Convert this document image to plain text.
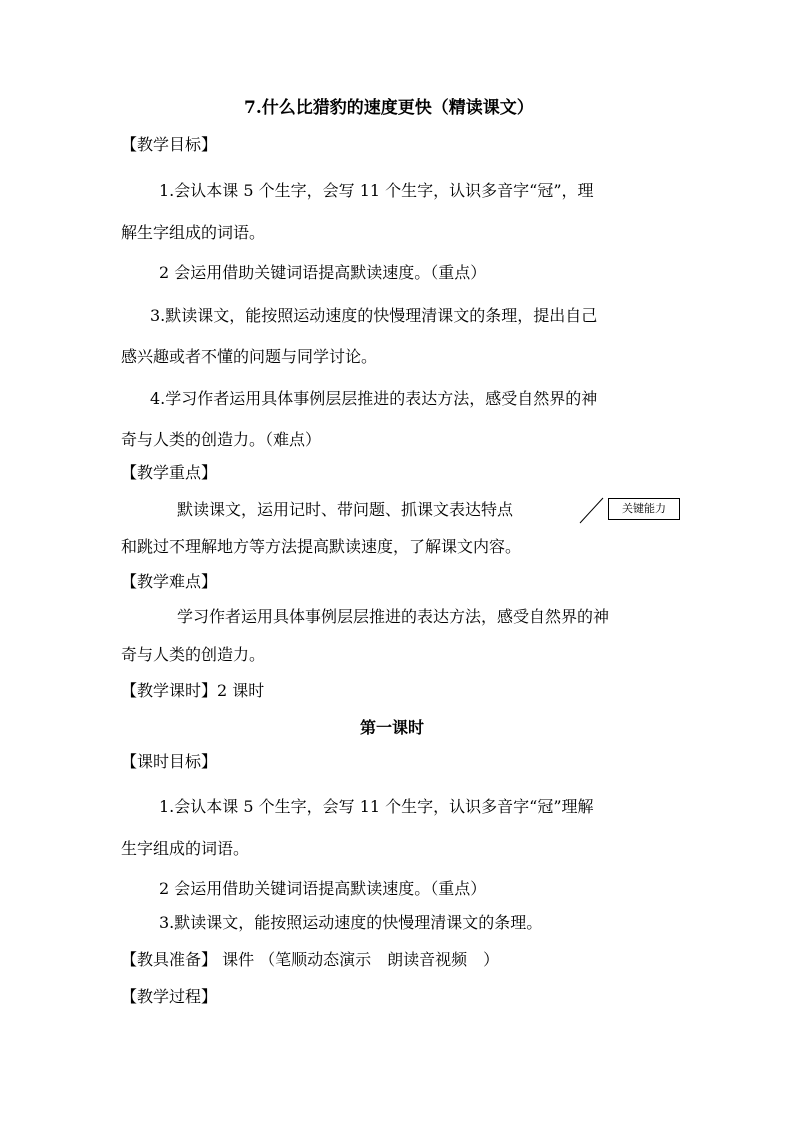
7.什么比猎豹的速度更快（精读课文）
【教学目标】
1.会认本课 5 个生字，会写 11 个生字，认识多音字“冠”，理
解生字组成的词语。
2 会运用借助关键词语提高默读速度。（重点）
3.默读课文，能按照运动速度的快慢理清课文的条理，提出自己
感兴趣或者不懂的问题与同学讨论。
4.学习作者运用具体事例层层推进的表达方法，感受自然界的神
奇与人类的创造力。（难点）
【教学重点】
默读课文，运用记时、带问题、抓课文表达特点	关键能力
和跳过不理解地方等方法提高默读速度，了解课文内容。
【教学难点】
学习作者运用具体事例层层推进的表达方法，感受自然界的神
奇与人类的创造力。
【教学课时】2 课时
第一课时
【课时目标】
1.会认本课 5 个生字，会写 11 个生字，认识多音字“冠”理解
生字组成的词语。
2 会运用借助关键词语提高默读速度。（重点）
3.默读课文，能按照运动速度的快慢理清课文的条理。
【教具准备】 课件 （笔顺动态演示　朗读音视频　）
【教学过程】
